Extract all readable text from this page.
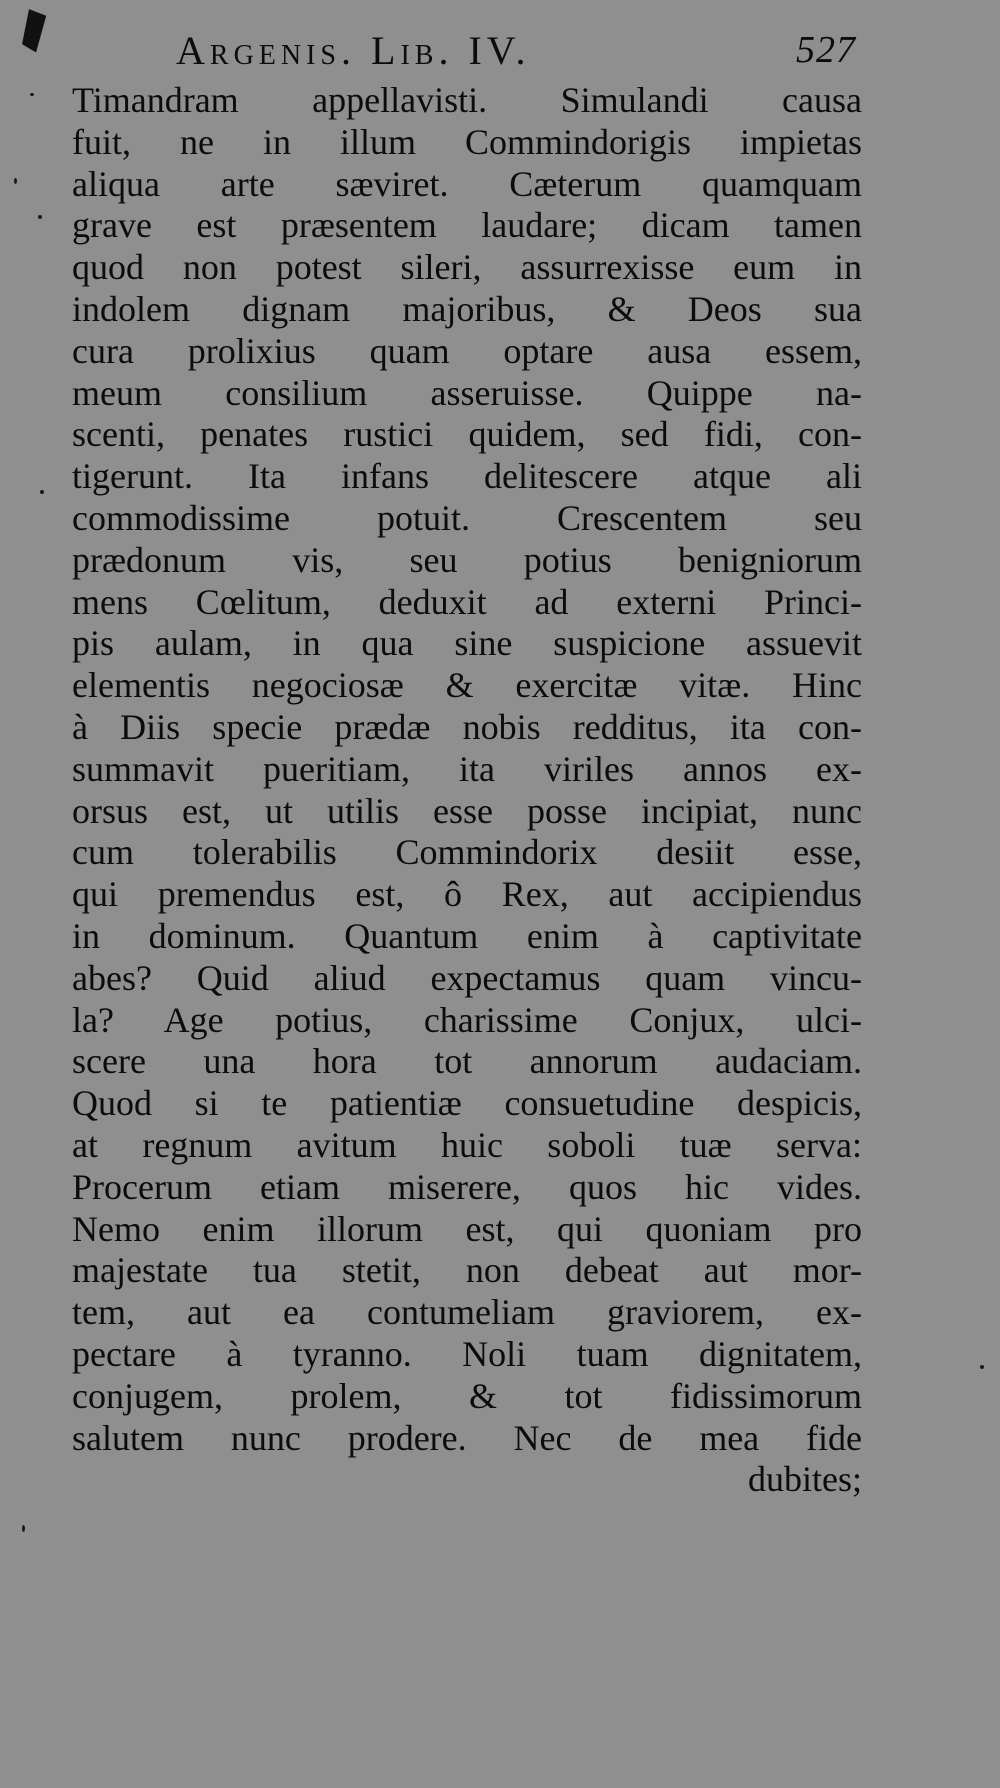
Argenis. Lib. IV.	527
Timandram appellavisti. Simulandi causa
fuit, ne in illum Commindorigis impietas
aliqua arte sæviret. Cæterum quamquam
grave est præsentem laudare; dicam tamen
quod non potest sileri, assurrexisse eum in
indolem dignam majoribus, & Deos sua
cura prolixius quam optare ausa essem,
meum consilium asseruisse. Quippe na-
scenti, penates rustici quidem, sed fidi, con-
tigerunt. Ita infans delitescere atque ali
commodissime potuit. Crescentem seu
prædonum vis, seu potius benigniorum
mens Cœlitum, deduxit ad externi Princi-
pis aulam, in qua sine suspicione assuevit
elementis negociosæ & exercitæ vitæ. Hinc
à Diis specie prædæ nobis redditus, ita con-
summavit pueritiam, ita viriles annos ex-
orsus est, ut utilis esse posse incipiat, nunc
cum tolerabilis Commindorix desiit esse,
qui premendus est, ô Rex, aut accipiendus
in dominum. Quantum enim à captivitate
abes? Quid aliud expectamus quam vincu-
la? Age potius, charissime Conjux, ulci-
scere una hora tot annorum audaciam.
Quod si te patientiæ consuetudine despicis,
at regnum avitum huic soboli tuæ serva:
Procerum etiam miserere, quos hic vides.
Nemo enim illorum est, qui quoniam pro
majestate tua stetit, non debeat aut mor-
tem, aut ea contumeliam graviorem, ex-
pectare à tyranno. Noli tuam dignitatem,
conjugem, prolem, & tot fidissimorum
salutem nunc prodere. Nec de mea fide
dubites;
